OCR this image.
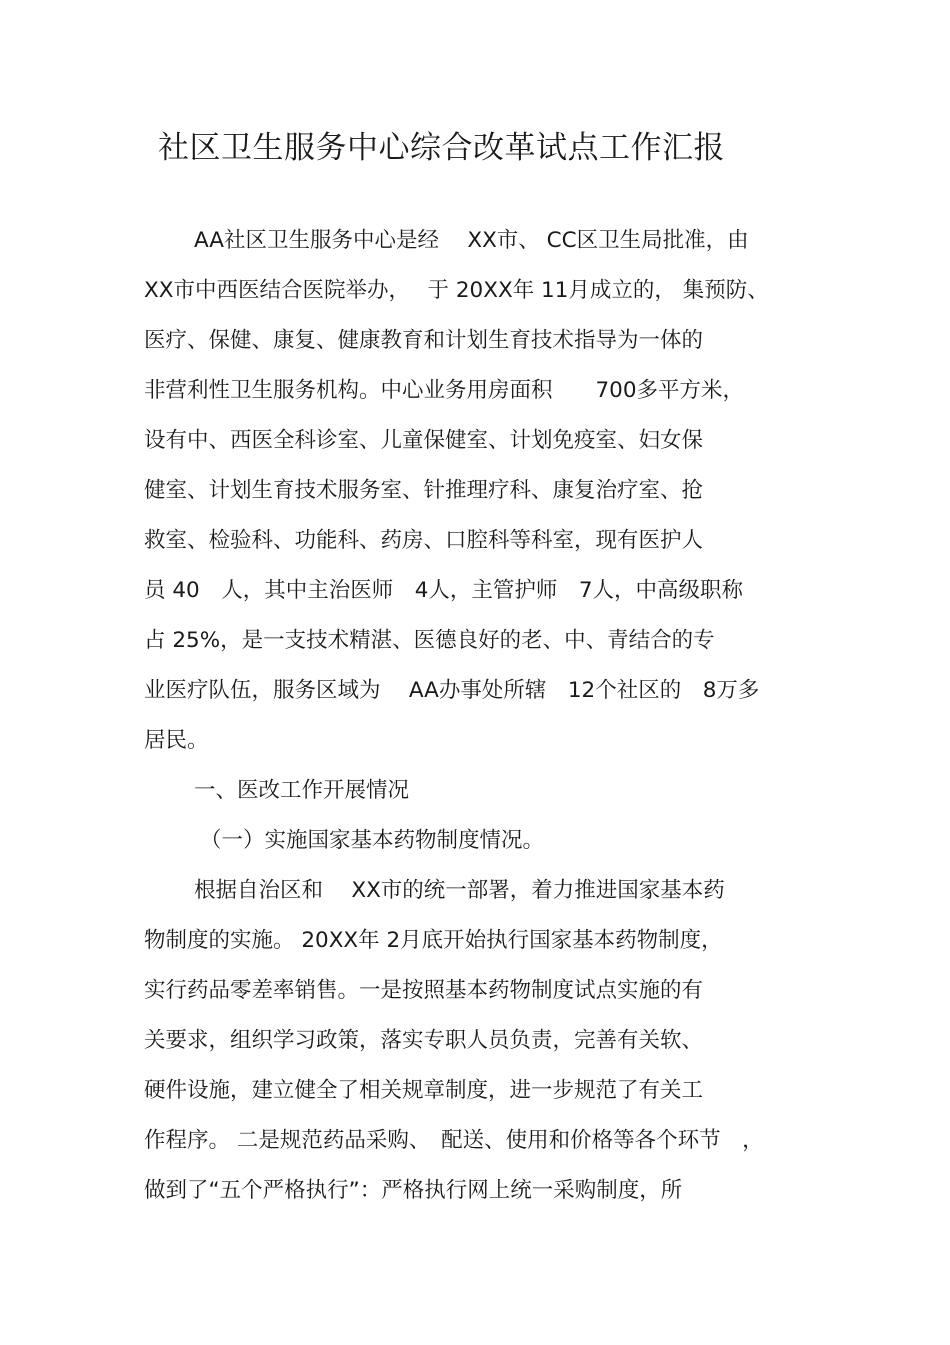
社区卫生服务中心综合改革试点工作汇报
AA社区卫生服务中心是经　 XX市、 CC区卫生局批准，由
XX市中西医结合医院举办，　 于 20XX年 11月成立的， 集预防、
医疗、保健、康复、健康教育和计划生育技术指导为一体的
非营利性卫生服务机构。中心业务用房面积　　700多平方米，
设有中、西医全科诊室、儿童保健室、计划免疫室、妇女保
健室、计划生育技术服务室、针推理疗科、康复治疗室、抢
救室、检验科、功能科、药房、口腔科等科室，现有医护人
员 40　人，其中主治医师　4人，主管护师　7人，中高级职称
占 25%，是一支技术精湛、医德良好的老、中、青结合的专
业医疗队伍，服务区域为　 AA办事处所辖　12个社区的　8万多
居民。
一、医改工作开展情况
（一）实施国家基本药物制度情况。
根据自治区和　 XX市的统一部署，着力推进国家基本药
物制度的实施。 20XX年 2月底开始执行国家基本药物制度，
实行药品零差率销售。一是按照基本药物制度试点实施的有
关要求，组织学习政策，落实专职人员负责，完善有关软、
硬件设施，建立健全了相关规章制度，进一步规范了有关工
作程序。 二是规范药品采购、　配送、使用和价格等各个环节　，
做到了“五个严格执行”：严格执行网上统一采购制度，所
